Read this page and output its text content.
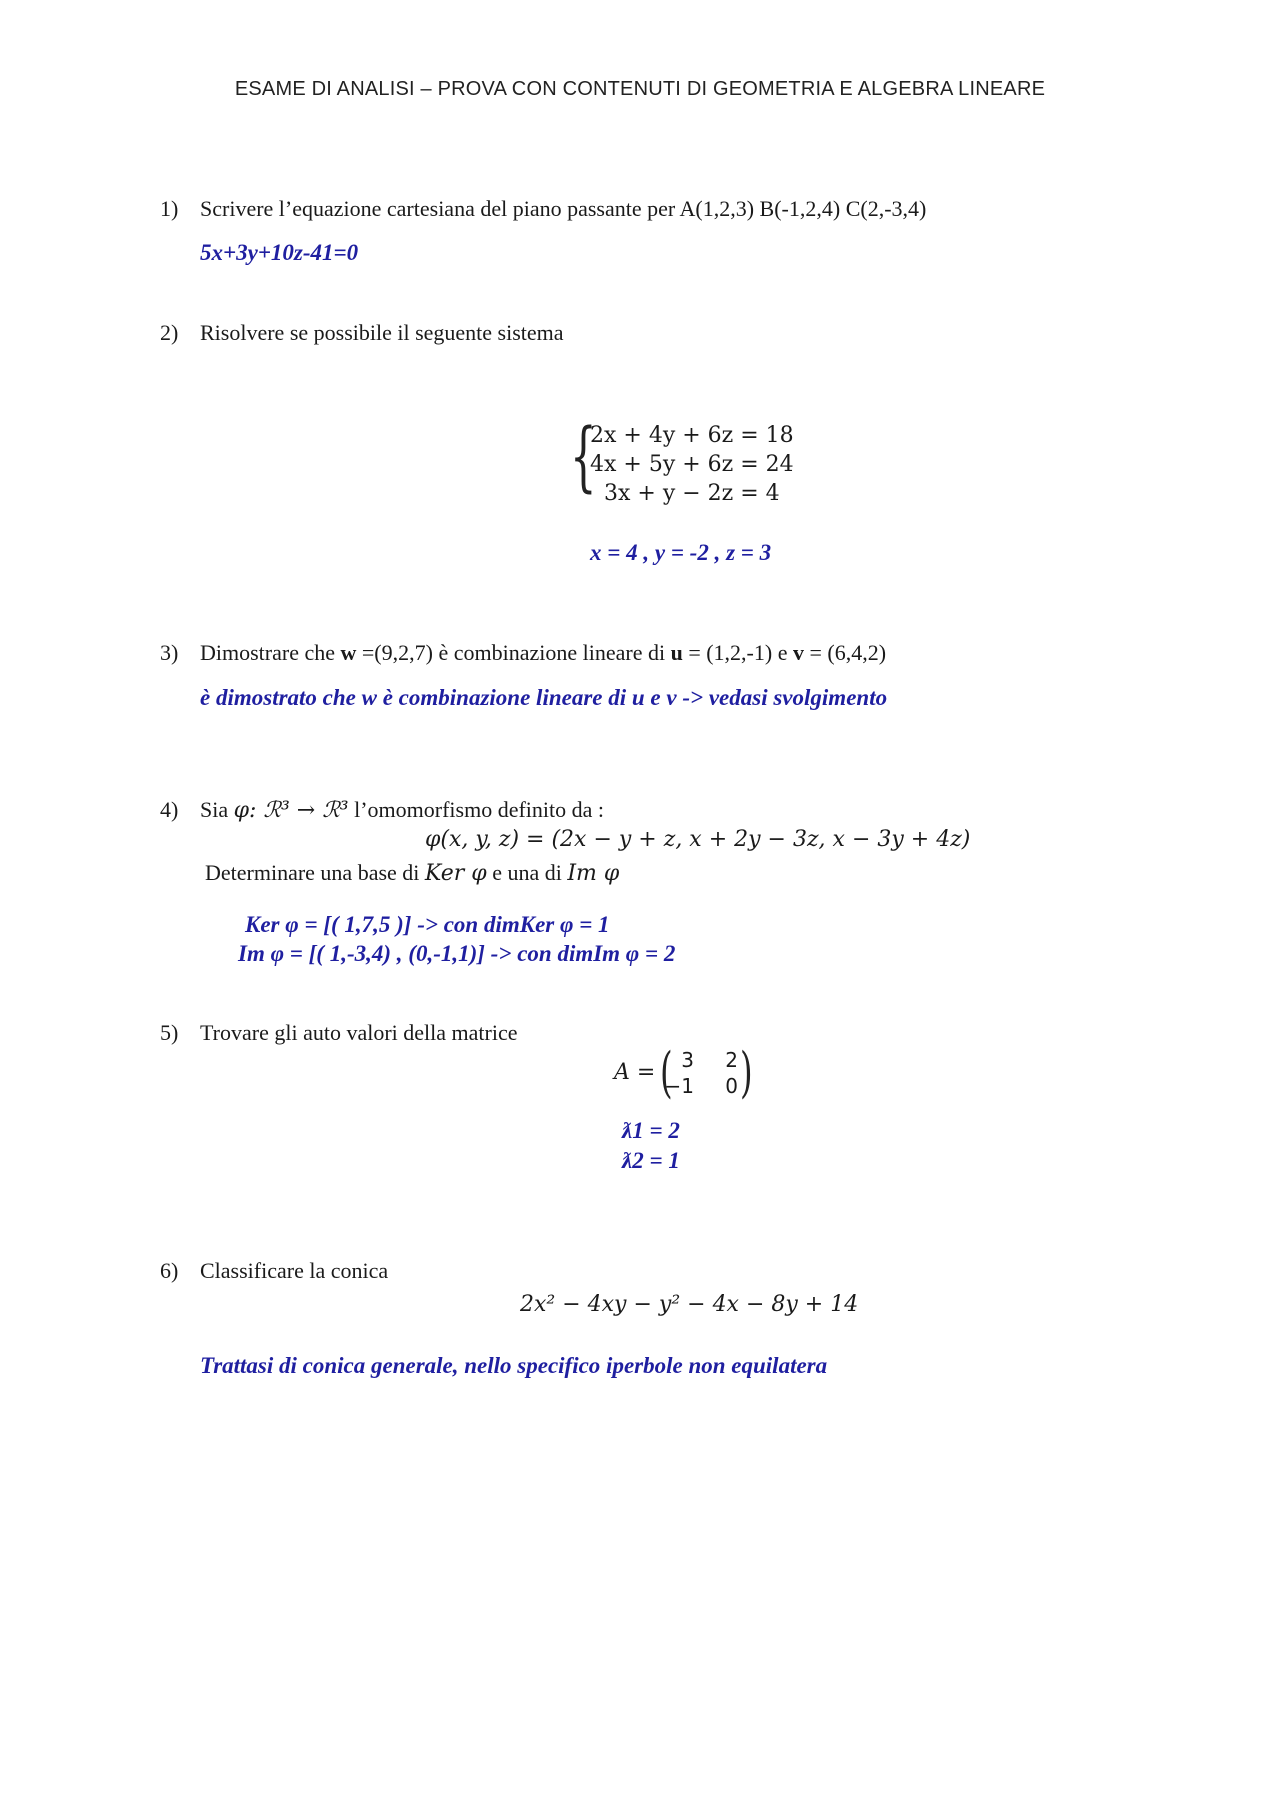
ESAME DI ANALISI – PROVA CON CONTENUTI DI GEOMETRIA E ALGEBRA LINEARE
1) Scrivere l’equazione cartesiana del piano passante per A(1,2,3) B(-1,2,4) C(2,-3,4)
5x+3y+10z-41=0
2) Risolvere se possibile il seguente sistema
{
2x + 4y + 6z = 18
4x + 5y + 6z = 24
3x + y − 2z = 4
x = 4 , y = -2 , z = 3
3) Dimostrare che w =(9,2,7) è combinazione lineare di u = (1,2,-1) e v = (6,4,2)
è dimostrato che w è combinazione lineare di u e v -> vedasi svolgimento
4) Sia φ: ℛ³ → ℛ³ l’omomorfismo definito da :
φ(x, y, z) = (2x − y + z, x + 2y − 3z, x − 3y + 4z)
Determinare una base di Ker φ e una di Im φ
Ker φ = [( 1,7,5 )] -> con dimKer φ = 1
Im φ = [( 1,-3,4) , (0,-1,1)] -> con dimIm φ = 2
5) Trovare gli auto valori della matrice
A = ( 3	2
−1	0 )
ƛ1 = 2
ƛ2 = 1
6) Classificare la conica
2x² − 4xy − y² − 4x − 8y + 14
Trattasi di conica generale, nello specifico iperbole non equilatera
